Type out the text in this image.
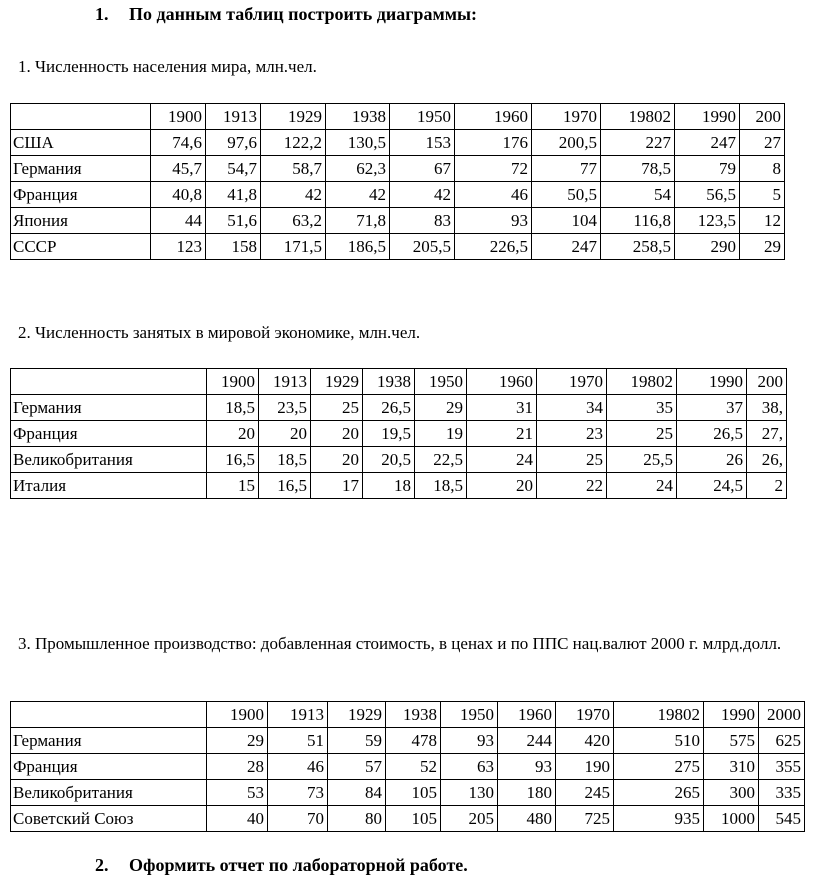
1. По данным таблиц построить диаграммы:
1. Численность населения мира, млн.чел.
	1900	1913	1929	1938	1950	1960	1970	19802	1990	200
США	74,6	97,6	122,2	130,5	153	176	200,5	227	247	27
Германия	45,7	54,7	58,7	62,3	67	72	77	78,5	79	8
Франция	40,8	41,8	42	42	42	46	50,5	54	56,5	5
Япония	44	51,6	63,2	71,8	83	93	104	116,8	123,5	12
СССР	123	158	171,5	186,5	205,5	226,5	247	258,5	290	29
2. Численность занятых в мировой экономике, млн.чел.
	1900	1913	1929	1938	1950	1960	1970	19802	1990	200
Германия	18,5	23,5	25	26,5	29	31	34	35	37	38,
Франция	20	20	20	19,5	19	21	23	25	26,5	27,
Великобритания	16,5	18,5	20	20,5	22,5	24	25	25,5	26	26,
Италия	15	16,5	17	18	18,5	20	22	24	24,5	2
3. Промышленное производство: добавленная стоимость, в ценах и по ППС нац.валют 2000 г. млрд.долл.
	1900	1913	1929	1938	1950	1960	1970	19802	1990	2000
Германия	29	51	59	478	93	244	420	510	575	625
Франция	28	46	57	52	63	93	190	275	310	355
Великобритания	53	73	84	105	130	180	245	265	300	335
Советский Союз	40	70	80	105	205	480	725	935	1000	545
2. Оформить отчет по лабораторной работе.
